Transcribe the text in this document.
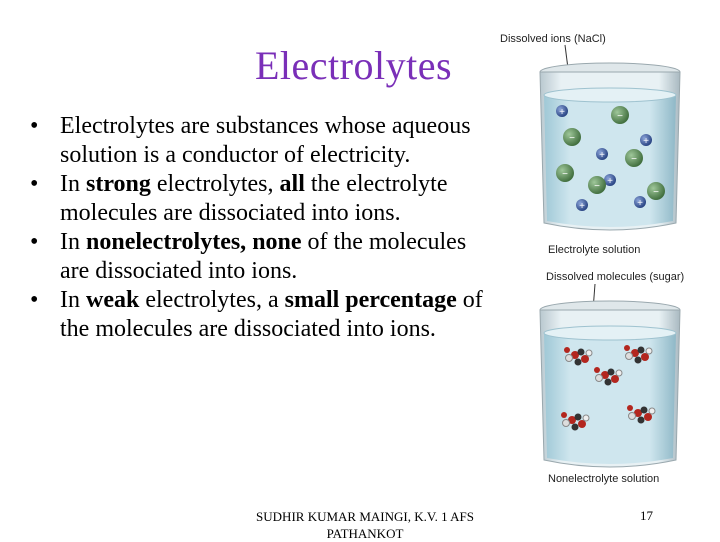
Electrolytes
• Electrolytes are substances whose aqueous solution is a conductor of electricity.
• In strong electrolytes, all the electrolyte molecules are dissociated into ions.
• In nonelectrolytes, none of the molecules are dissociated into ions.
• In weak electrolytes, a small percentage of the molecules are dissociated into ions.
Dissolved ions (NaCl)
+	−
−	+
+	−
−
+
−
−
+	+
Electrolyte solution
Dissolved molecules (sugar)
Nonelectrolyte solution
SUDHIR KUMAR MAINGI, K.V. 1 AFS PATHANKOT
17
